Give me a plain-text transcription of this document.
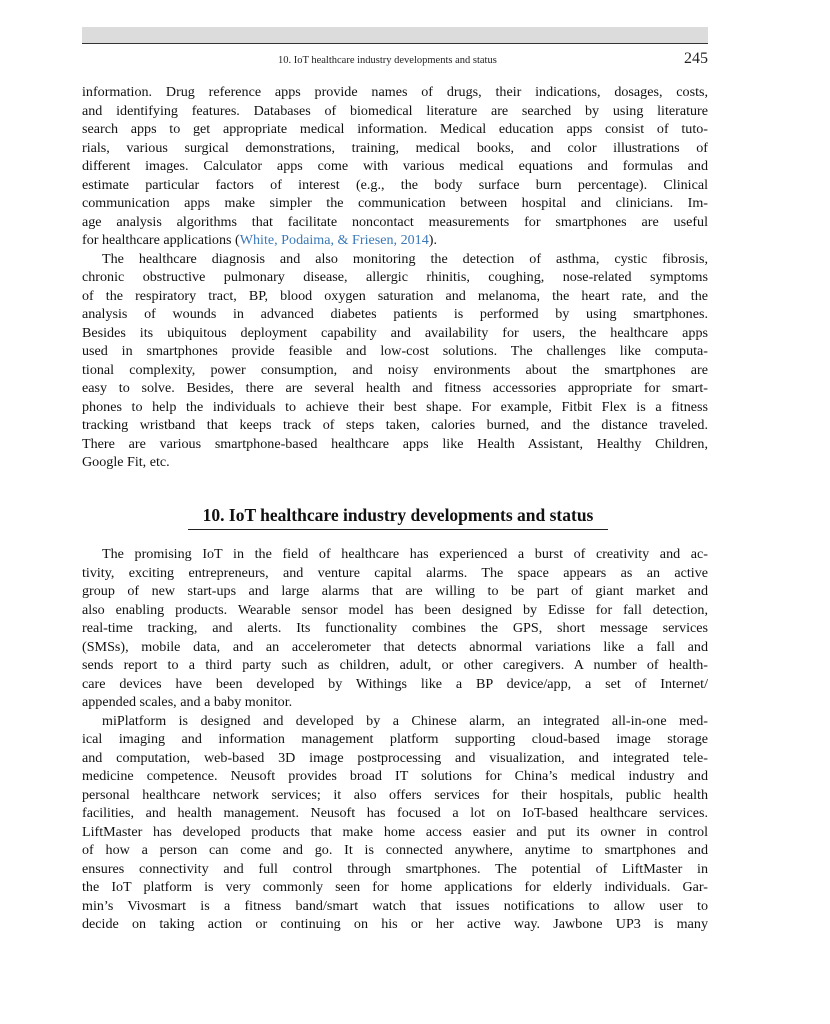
10. IoT healthcare industry developments and status	245
information. Drug reference apps provide names of drugs, their indications, dosages, costs,
and identifying features. Databases of biomedical literature are searched by using literature
search apps to get appropriate medical information. Medical education apps consist of tuto-
rials, various surgical demonstrations, training, medical books, and color illustrations of
different images. Calculator apps come with various medical equations and formulas and
estimate particular factors of interest (e.g., the body surface burn percentage). Clinical
communication apps make simpler the communication between hospital and clinicians. Im-
age analysis algorithms that facilitate noncontact measurements for smartphones are useful
for healthcare applications (White, Podaima, & Friesen, 2014).
The healthcare diagnosis and also monitoring the detection of asthma, cystic fibrosis,
chronic obstructive pulmonary disease, allergic rhinitis, coughing, nose-related symptoms
of the respiratory tract, BP, blood oxygen saturation and melanoma, the heart rate, and the
analysis of wounds in advanced diabetes patients is performed by using smartphones.
Besides its ubiquitous deployment capability and availability for users, the healthcare apps
used in smartphones provide feasible and low-cost solutions. The challenges like computa-
tional complexity, power consumption, and noisy environments about the smartphones are
easy to solve. Besides, there are several health and fitness accessories appropriate for smart-
phones to help the individuals to achieve their best shape. For example, Fitbit Flex is a fitness
tracking wristband that keeps track of steps taken, calories burned, and the distance traveled.
There are various smartphone-based healthcare apps like Health Assistant, Healthy Children,
Google Fit, etc.
10. IoT healthcare industry developments and status
The promising IoT in the field of healthcare has experienced a burst of creativity and ac-
tivity, exciting entrepreneurs, and venture capital alarms. The space appears as an active
group of new start-ups and large alarms that are willing to be part of giant market and
also enabling products. Wearable sensor model has been designed by Edisse for fall detection,
real-time tracking, and alerts. Its functionality combines the GPS, short message services
(SMSs), mobile data, and an accelerometer that detects abnormal variations like a fall and
sends report to a third party such as children, adult, or other caregivers. A number of health-
care devices have been developed by Withings like a BP device/app, a set of Internet/
appended scales, and a baby monitor.
miPlatform is designed and developed by a Chinese alarm, an integrated all-in-one med-
ical imaging and information management platform supporting cloud-based image storage
and computation, web-based 3D image postprocessing and visualization, and integrated tele-
medicine competence. Neusoft provides broad IT solutions for China’s medical industry and
personal healthcare network services; it also offers services for their hospitals, public health
facilities, and health management. Neusoft has focused a lot on IoT-based healthcare services.
LiftMaster has developed products that make home access easier and put its owner in control
of how a person can come and go. It is connected anywhere, anytime to smartphones and
ensures connectivity and full control through smartphones. The potential of LiftMaster in
the IoT platform is very commonly seen for home applications for elderly individuals. Gar-
min’s Vivosmart is a fitness band/smart watch that issues notifications to allow user to
decide on taking action or continuing on his or her active way. Jawbone UP3 is many
